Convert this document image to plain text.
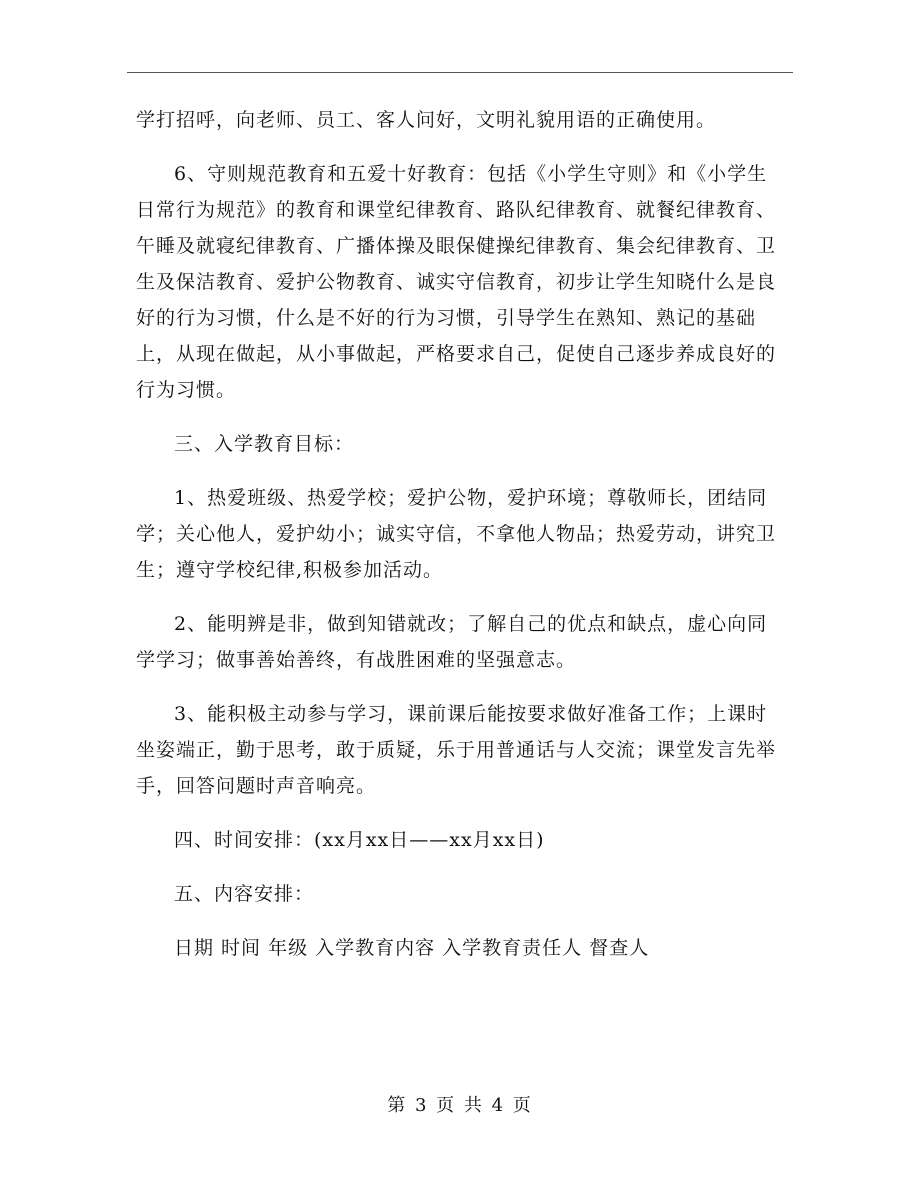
学打招呼，向老师、员工、客人问好，文明礼貌用语的正确使用。

6、守则规范教育和五爱十好教育：包括《小学生守则》和《小学生日常行为规范》的教育和课堂纪律教育、路队纪律教育、就餐纪律教育、午睡及就寝纪律教育、广播体操及眼保健操纪律教育、集会纪律教育、卫生及保洁教育、爱护公物教育、诚实守信教育，初步让学生知晓什么是良好的行为习惯，什么是不好的行为习惯，引导学生在熟知、熟记的基础上，从现在做起，从小事做起，严格要求自己，促使自己逐步养成良好的行为习惯。

三、入学教育目标：

1、热爱班级、热爱学校；爱护公物，爱护环境；尊敬师长，团结同学；关心他人，爱护幼小；诚实守信，不拿他人物品；热爱劳动，讲究卫生；遵守学校纪律,积极参加活动。

2、能明辨是非，做到知错就改；了解自己的优点和缺点，虚心向同学学习；做事善始善终，有战胜困难的坚强意志。

3、能积极主动参与学习，课前课后能按要求做好准备工作；上课时坐姿端正，勤于思考，敢于质疑，乐于用普通话与人交流；课堂发言先举手，回答问题时声音响亮。

四、时间安排：(xx月xx日——xx月xx日)

五、内容安排：

日期 时间 年级 入学教育内容 入学教育责任人 督查人

第 3 页 共 4 页
